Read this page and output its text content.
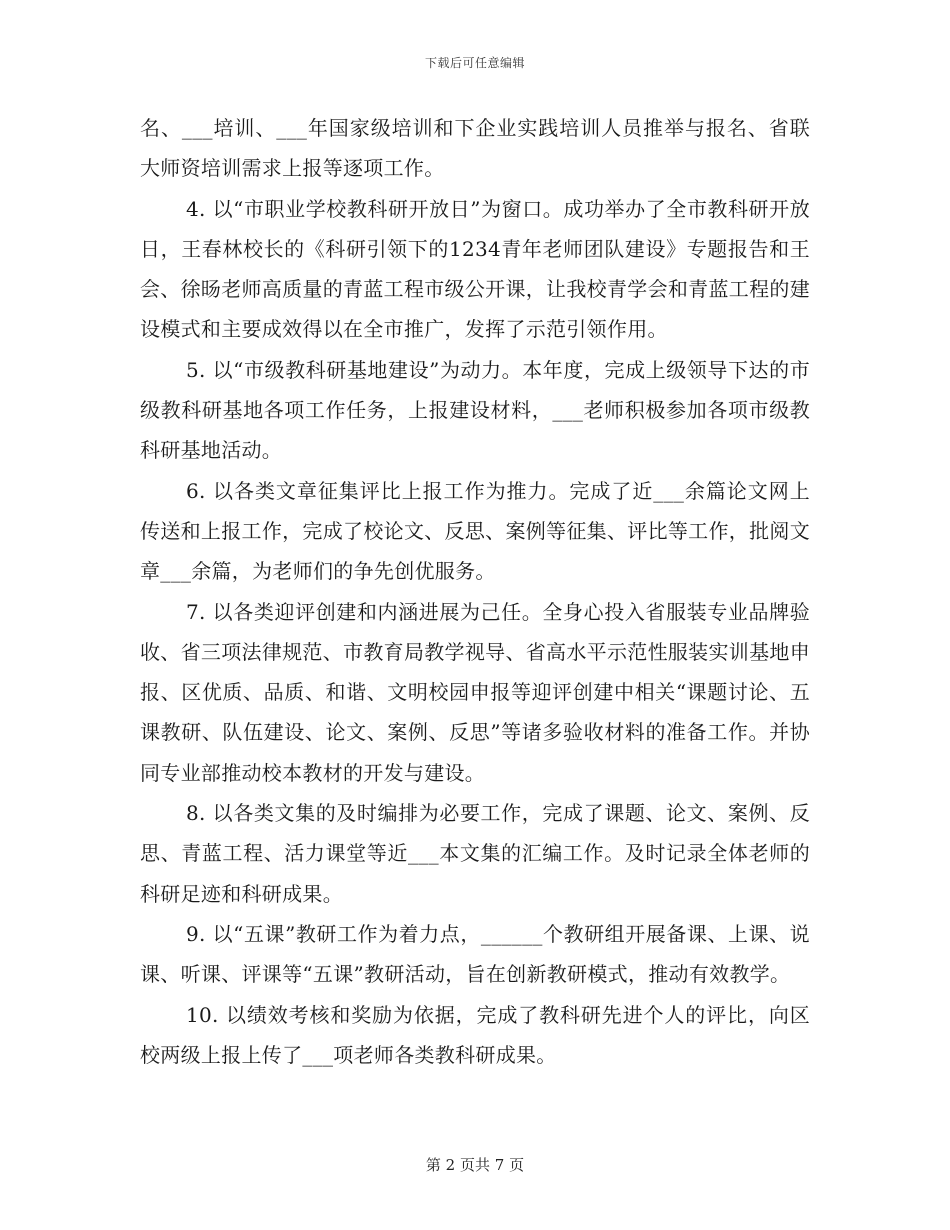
下载后可任意编辑

名、___培训、___年国家级培训和下企业实践培训人员推举与报名、省联大师资培训需求上报等逐项工作。

4. 以“市职业学校教科研开放日”为窗口。成功举办了全市教科研开放日，王春林校长的《科研引领下的1234青年老师团队建设》专题报告和王会、徐旸老师高质量的青蓝工程市级公开课，让我校青学会和青蓝工程的建设模式和主要成效得以在全市推广，发挥了示范引领作用。

5. 以“市级教科研基地建设”为动力。本年度，完成上级领导下达的市级教科研基地各项工作任务，上报建设材料，___老师积极参加各项市级教科研基地活动。

6. 以各类文章征集评比上报工作为推力。完成了近___余篇论文网上传送和上报工作，完成了校论文、反思、案例等征集、评比等工作，批阅文章___余篇，为老师们的争先创优服务。

7. 以各类迎评创建和内涵进展为己任。全身心投入省服装专业品牌验收、省三项法律规范、市教育局教学视导、省高水平示范性服装实训基地申报、区优质、品质、和谐、文明校园申报等迎评创建中相关“课题讨论、五课教研、队伍建设、论文、案例、反思”等诸多验收材料的准备工作。并协同专业部推动校本教材的开发与建设。

8. 以各类文集的及时编排为必要工作，完成了课题、论文、案例、反思、青蓝工程、活力课堂等近___本文集的汇编工作。及时记录全体老师的科研足迹和科研成果。

9. 以“五课”教研工作为着力点，______个教研组开展备课、上课、说课、听课、评课等“五课”教研活动，旨在创新教研模式，推动有效教学。

10. 以绩效考核和奖励为依据，完成了教科研先进个人的评比，向区校两级上报上传了___项老师各类教科研成果。

第 2 页共 7 页
